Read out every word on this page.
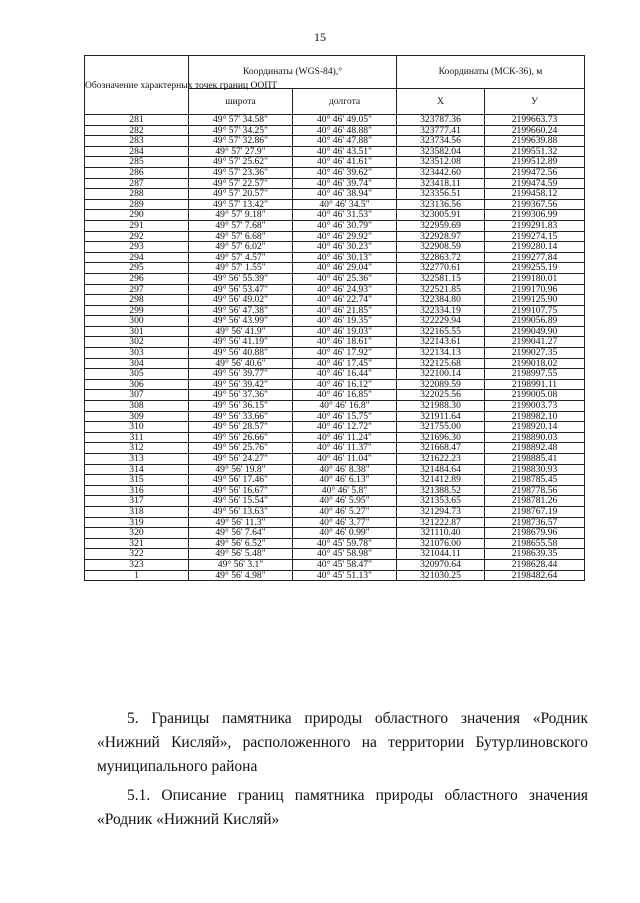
15
Обозначение характерных точек границ ООПТ	Координаты (WGS-84),°		Координаты (МСК-36), м	
	широта	долгота	X	У
281	49° 57' 34.58"	40° 46' 49.05"	323787.36	2199663.73
282	49° 57' 34.25"	40° 46' 48.88"	323777.41	2199660.24
283	49° 57' 32.86"	40° 46' 47.88"	323734.56	2199639.88
284	49° 57' 27.9"	40° 46' 43.51"	323582.04	2199551.32
285	49° 57' 25.62"	40° 46' 41.61"	323512.08	2199512.89
286	49° 57' 23.36"	40° 46' 39.62"	323442.60	2199472.56
287	49° 57' 22.57"	40° 46' 39.74"	323418.11	2199474.59
288	49° 57' 20.57"	40° 46' 38.94"	323356.51	2199458.12
289	49° 57' 13.42"	40° 46' 34.5"	323136.56	2199367.56
290	49° 57' 9.18"	40° 46' 31.53"	323005.91	2199306.99
291	49° 57' 7.68"	40° 46' 30.79"	322959.69	2199291.83
292	49° 57' 6.68"	40° 46' 29.92"	322928.97	2199274.15
293	49° 57' 6.02"	40° 46' 30.23"	322908.59	2199280.14
294	49° 57' 4.57"	40° 46' 30.13"	322863.72	2199277.84
295	49° 57' 1.55"	40° 46' 29.04"	322770.61	2199255.19
296	49° 56' 55.39"	40° 46' 25.36"	322581.15	2199180.01
297	49° 56' 53.47"	40° 46' 24.93"	322521.85	2199170.96
298	49° 56' 49.02"	40° 46' 22.74"	322384.80	2199125.90
299	49° 56' 47.38"	40° 46' 21.85"	322334.19	2199107.75
300	49° 56' 43.99"	40° 46' 19.35"	322229.94	2199056.89
301	49° 56' 41.9"	40° 46' 19.03"	322165.55	2199049.90
302	49° 56' 41.19"	40° 46' 18.61"	322143.61	2199041.27
303	49° 56' 40.88"	40° 46' 17.92"	322134.13	2199027.35
304	49° 56' 40.6"	40° 46' 17.45"	322125.68	2199018.02
305	49° 56' 39.77"	40° 46' 16.44"	322100.14	2198997.55
306	49° 56' 39.42"	40° 46' 16.12"	322089.59	2198991.11
307	49° 56' 37.36"	40° 46' 16.85"	322025.56	2199005.08
308	49° 56' 36.15"	40° 46' 16.8"	321988.30	2199003.73
309	49° 56' 33.66"	40° 46' 15.75"	321911.64	2198982.10
310	49° 56' 28.57"	40° 46' 12.72"	321755.00	2198920.14
311	49° 56' 26.66"	40° 46' 11.24"	321696.30	2198890.03
312	49° 56' 25.76"	40° 46' 11.37"	321668.47	2198892.48
313	49° 56' 24.27"	40° 46' 11.04"	321622.23	2198885.41
314	49° 56' 19.8"	40° 46' 8.38"	321484.64	2198830.93
315	49° 56' 17.46"	40° 46' 6.13"	321412.89	2198785.45
316	49° 56' 16.67"	40° 46' 5.8"	321388.52	2198778.56
317	49° 56' 15.54"	40° 46' 5.95"	321353.65	2198781.26
318	49° 56' 13.63"	40° 46' 5.27"	321294.73	2198767.19
319	49° 56' 11.3"	40° 46' 3.77"	321222.87	2198736.57
320	49° 56' 7.64"	40° 46' 0.99"	321110.40	2198679.96
321	49° 56' 6.52"	40° 45' 59.78"	321076.00	2198655.58
322	49° 56' 5.48"	40° 45' 58.98"	321044.11	2198639.35
323	49° 56' 3.1"	40° 45' 58.47"	320970.64	2198628.44
1	49° 56' 4.98"	40° 45' 51.13"	321030.25	2198482.64
5. Границы памятника природы областного значения «Родник «Нижний Кисляй», расположенного на территории Бутурлиновского муниципального района
5.1. Описание границ памятника природы областного значения «Родник «Нижний Кисляй»
